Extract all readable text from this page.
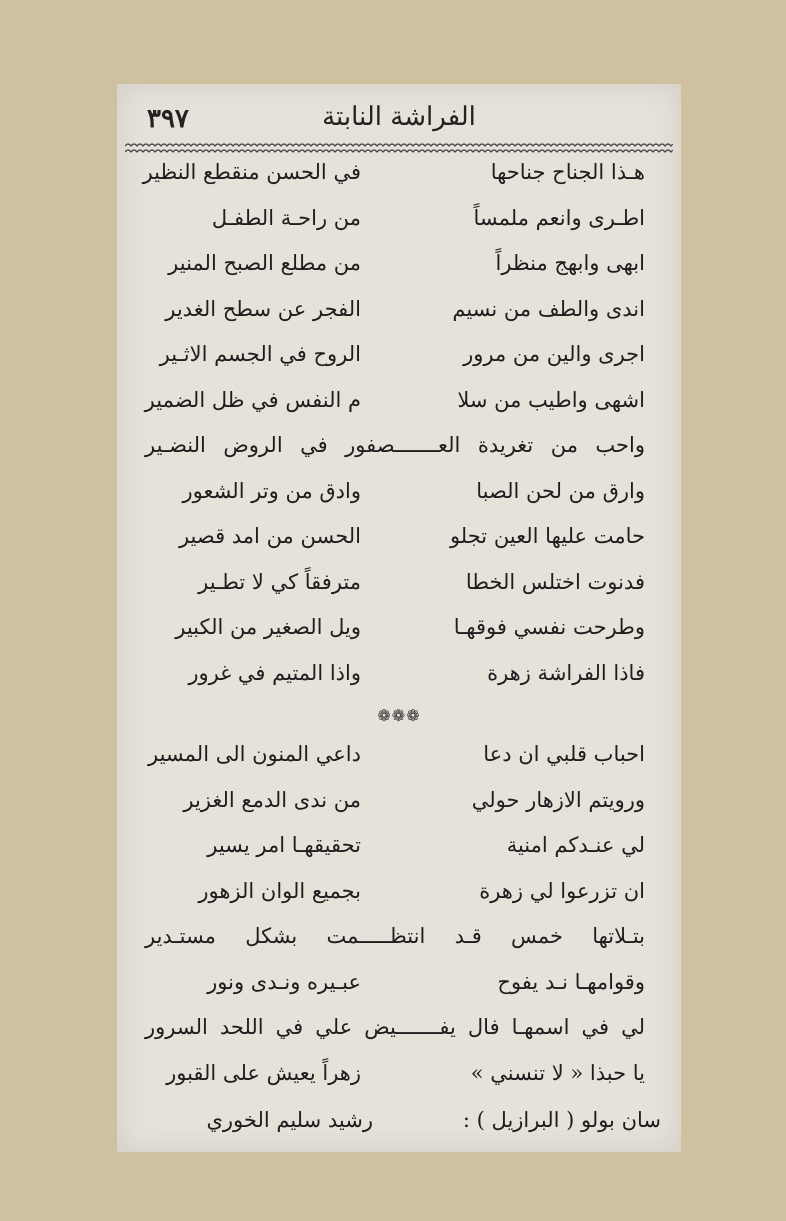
٣٩٧	الفراشة النابتة
هـذا الجناح جناحها
في الحسن منقطع النظير
اطـرى وانعم ملمساً
من راحـة الطفـل
ابهى وابهج منظراً
من مطلع الصبح المنير
اندى والطف من نسيم
الفجر عن سطح الغدير
اجرى والين من مرور
الروح في الجسم الاثـير
اشهى واطيب من سلا
م النفس في ظل الضمير
واحب من تغريدة العـــــــصفور في الروض النضـير
وارق من لحن الصبا
وادق من وتر الشعور
حامت عليها العين تجلو
الحسن من امد قصير
فدنوت اختلس الخطا
مترفقاً كي لا تطـير
وطرحت نفسي فوقهـا
ويل الصغير من الكبير
فاذا الفراشة زهرة
واذا المتيم في غرور
❁❁❁
احباب قلبي ان دعا
داعي المنون الى المسير
ورويتم الازهار حولي
من ندى الدمع الغزير
لي عنـدكم امنية
تحقيقهـا امر يسير
ان تزرعوا لي زهرة
بجميع الوان الزهور
بتـلاتها خمس قـد انتظـــــمت بشكل مستـدير
وقوامهـا نـد يفوح
عبـيره ونـدى ونور
لي في اسمهـا فال يفـــــــيض علي في اللحد السرور
يا حبذا « لا تنسني »
زهراً يعيش على القبور
سان بولو ( البرازيل ) :
رشيد سليم الخوري
